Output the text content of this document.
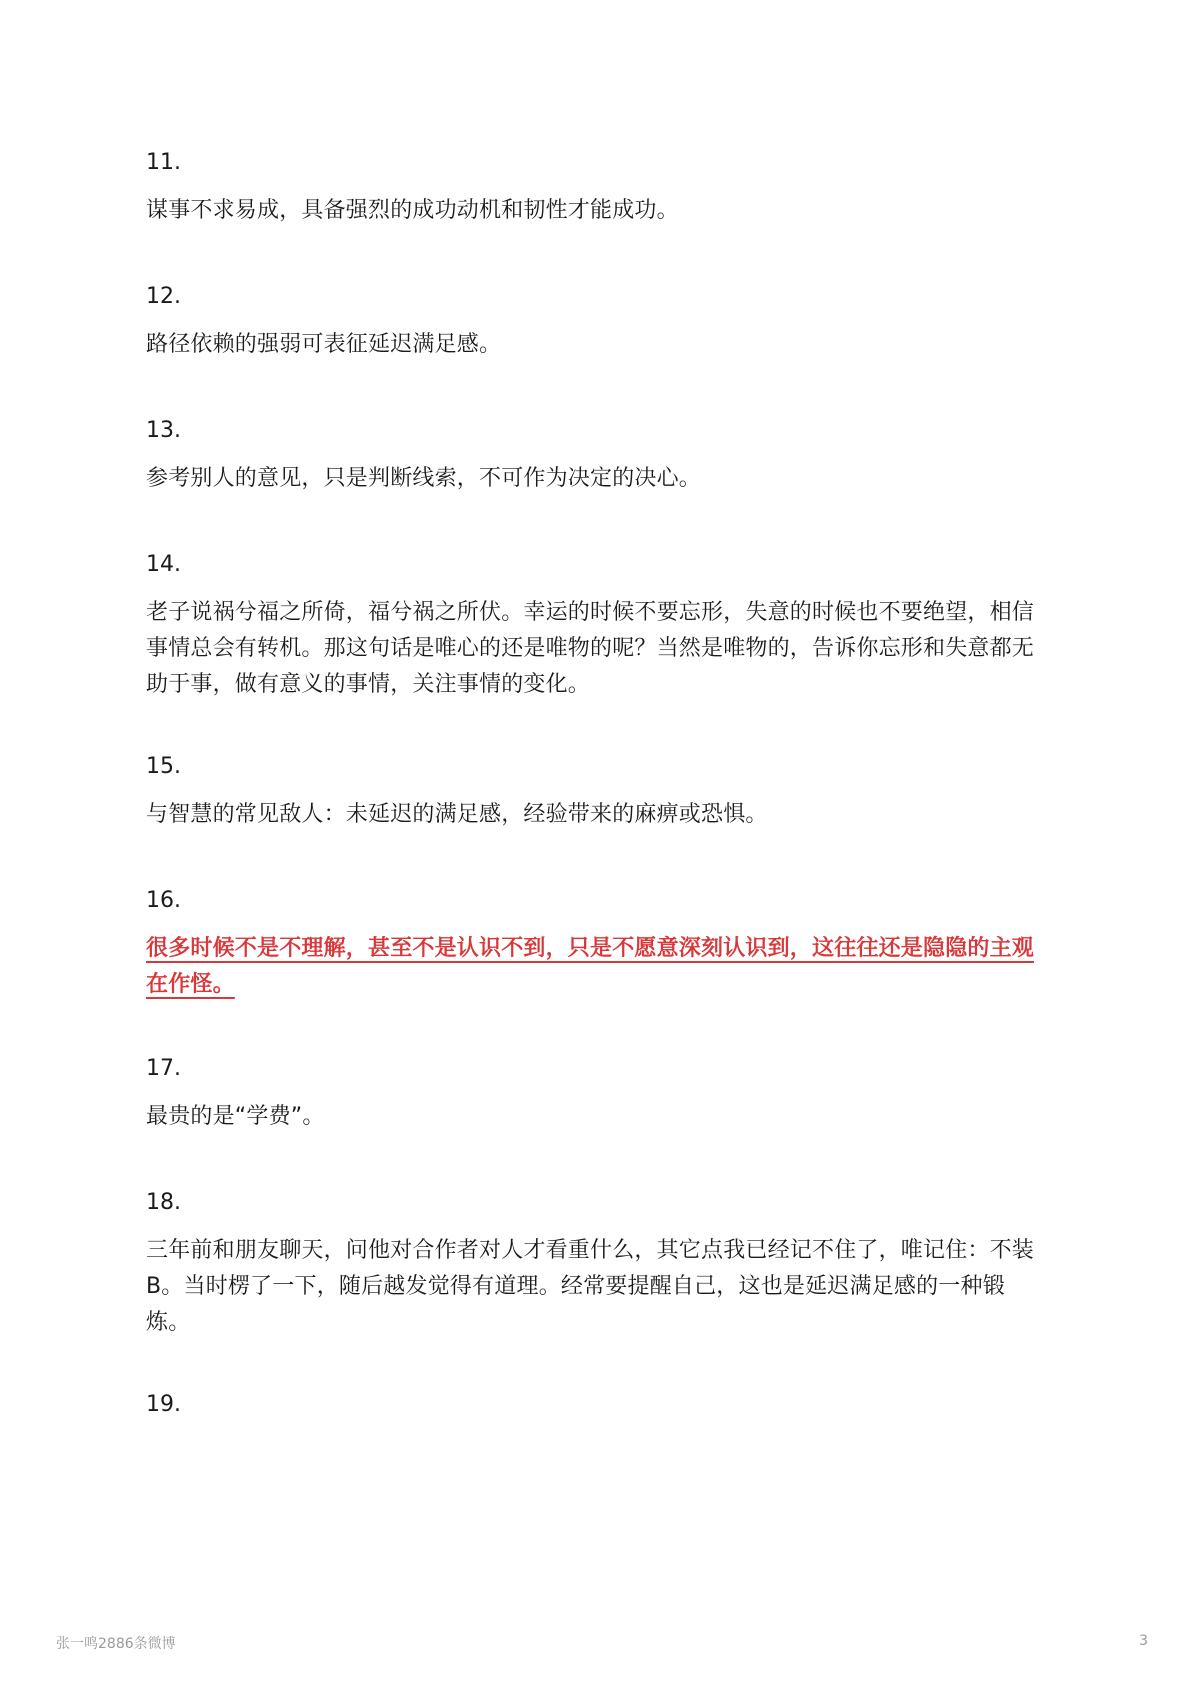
11.

谋事不求易成，具备强烈的成功动机和韧性才能成功。

12.

路径依赖的强弱可表征延迟满足感。

13.

参考别人的意见，只是判断线索，不可作为决定的决心。

14.

老子说祸兮福之所倚，福兮祸之所伏。幸运的时候不要忘形，失意的时候也不要绝望，相信事情总会有转机。那这句话是唯心的还是唯物的呢？当然是唯物的，告诉你忘形和失意都无助于事，做有意义的事情，关注事情的变化。

15.

与智慧的常见敌人：未延迟的满足感，经验带来的麻痹或恐惧。

16.

很多时候不是不理解，甚至不是认识不到，只是不愿意深刻认识到，这往往还是隐隐的主观在作怪。

17.

最贵的是“学费”。

18.

三年前和朋友聊天，问他对合作者对人才看重什么，其它点我已经记不住了，唯记住：不装 B。当时楞了一下，随后越发觉得有道理。经常要提醒自己，这也是延迟满足感的一种锻炼。

19.
张一鸣2886条微博	3
